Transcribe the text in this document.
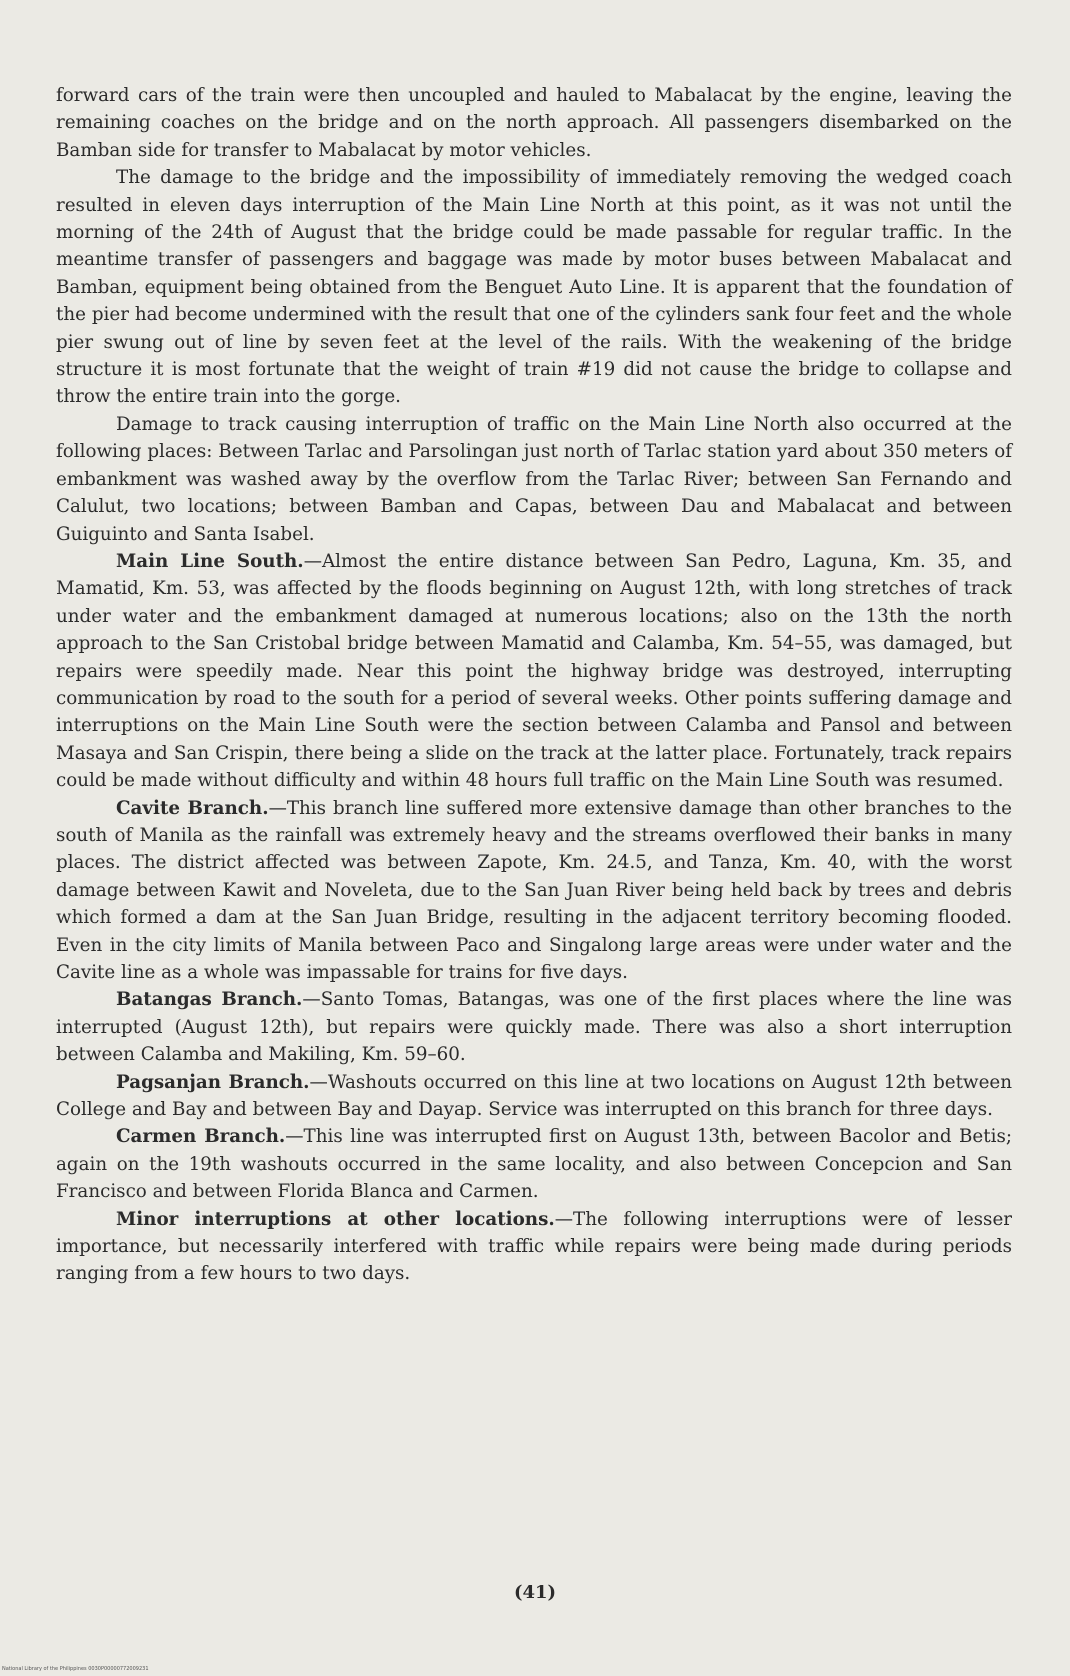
forward cars of the train were then uncoupled and hauled to Mabalacat by the engine, leaving the remaining coaches on the bridge and on the north approach. All passengers disembarked on the Bamban side for transfer to Mabalacat by motor vehicles.

The damage to the bridge and the impossibility of immediately removing the wedged coach resulted in eleven days interruption of the Main Line North at this point, as it was not until the morning of the 24th of August that the bridge could be made passable for regular traffic. In the meantime transfer of passengers and baggage was made by motor buses between Mabalacat and Bamban, equipment being obtained from the Benguet Auto Line. It is apparent that the foundation of the pier had become undermined with the result that one of the cylinders sank four feet and the whole pier swung out of line by seven feet at the level of the rails. With the weakening of the bridge structure it is most fortunate that the weight of train #19 did not cause the bridge to collapse and throw the entire train into the gorge.

Damage to track causing interruption of traffic on the Main Line North also occurred at the following places: Between Tarlac and Parsolingan just north of Tarlac station yard about 350 meters of embankment was washed away by the overflow from the Tarlac River; between San Fernando and Calulut, two locations; between Bamban and Capas, between Dau and Mabalacat and between Guiguinto and Santa Isabel.

Main Line South.—Almost the entire distance between San Pedro, Laguna, Km. 35, and Mamatid, Km. 53, was affected by the floods beginning on August 12th, with long stretches of track under water and the embankment damaged at numerous locations; also on the 13th the north approach to the San Cristobal bridge between Mamatid and Calamba, Km. 54–55, was damaged, but repairs were speedily made. Near this point the highway bridge was destroyed, interrupting communication by road to the south for a period of several weeks. Other points suffering damage and interruptions on the Main Line South were the section between Calamba and Pansol and between Masaya and San Crispin, there being a slide on the track at the latter place. Fortunately, track repairs could be made without difficulty and within 48 hours full traffic on the Main Line South was resumed.

Cavite Branch.—This branch line suffered more extensive damage than other branches to the south of Manila as the rainfall was extremely heavy and the streams overflowed their banks in many places. The district affected was between Zapote, Km. 24.5, and Tanza, Km. 40, with the worst damage between Kawit and Noveleta, due to the San Juan River being held back by trees and debris which formed a dam at the San Juan Bridge, resulting in the adjacent territory becoming flooded. Even in the city limits of Manila between Paco and Singalong large areas were under water and the Cavite line as a whole was impassable for trains for five days.

Batangas Branch.—Santo Tomas, Batangas, was one of the first places where the line was interrupted (August 12th), but repairs were quickly made. There was also a short interruption between Calamba and Makiling, Km. 59–60.

Pagsanjan Branch.—Washouts occurred on this line at two locations on August 12th between College and Bay and between Bay and Dayap. Service was interrupted on this branch for three days.

Carmen Branch.—This line was interrupted first on August 13th, between Bacolor and Betis; again on the 19th washouts occurred in the same locality, and also between Concepcion and San Francisco and between Florida Blanca and Carmen.

Minor interruptions at other locations.—The following interruptions were of lesser importance, but necessarily interfered with traffic while repairs were being made during periods ranging from a few hours to two days.

(41)
National Library of the Philippines 0030P00000772009231
